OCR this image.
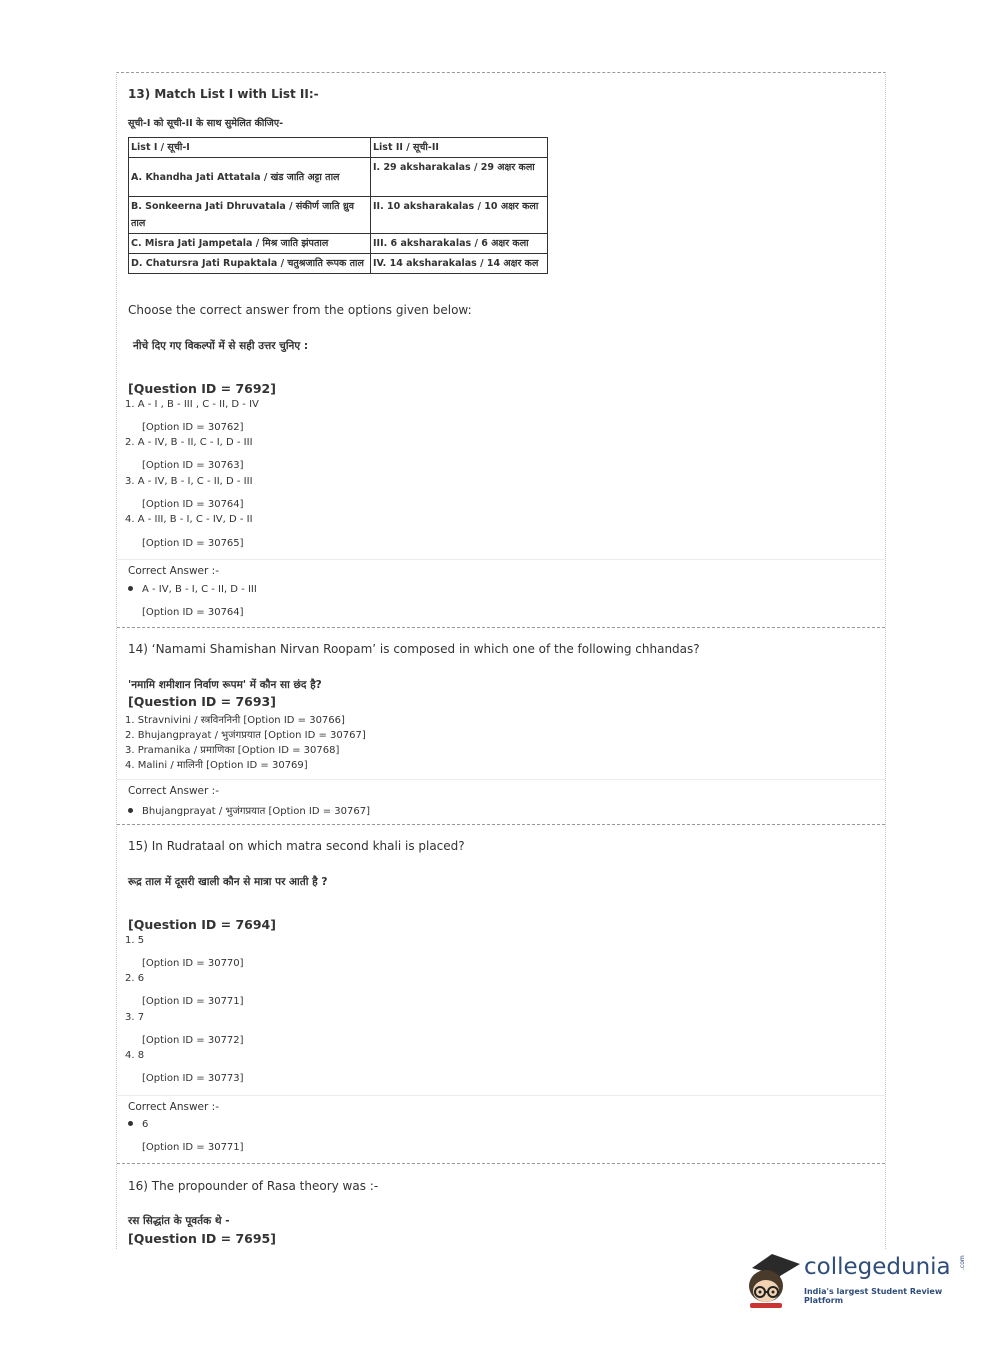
13) Match List I with List II:-
सूची-I को सूची-II के साथ सुमेलित कीजिए-
List I / सूची-I	List II / सूची-II
A. Khandha Jati Attatala / खंड जाति अट्टा ताल	I. 29 aksharakalas / 29 अक्षर कला
B. Sonkeerna Jati Dhruvatala / संकीर्ण जाति ध्रुव ताल	II. 10 aksharakalas / 10 अक्षर कला
C. Misra Jati Jampetala / मिश्र जाति झंपताल	III. 6 aksharakalas / 6 अक्षर कला
D. Chatursra Jati Rupaktala / चतुश्रजाति रूपक ताल	IV. 14 aksharakalas / 14 अक्षर कल
Choose the correct answer from the options given below:
नीचे दिए गए विकल्पों में से सही उत्तर चुनिए :
[Question ID = 7692]
1. A - I , B - III , C - II, D - IV
[Option ID = 30762]
2. A - IV, B - II, C - I, D - III
[Option ID = 30763]
3. A - IV, B - I, C - II, D - III
[Option ID = 30764]
4. A - III, B - I, C - IV, D - II
[Option ID = 30765]
Correct Answer :-
A - IV, B - I, C - II, D - III
[Option ID = 30764]
14) ‘Namami Shamishan Nirvan Roopam’ is composed in which one of the following chhandas?
'नमामि शमीशान निर्वाण रूपम' में कौन सा छंद है?
[Question ID = 7693]
1. Stravnivini / स्त्रविननिनी [Option ID = 30766]
2. Bhujangprayat / भुजंगप्रयात [Option ID = 30767]
3. Pramanika / प्रमाणिका [Option ID = 30768]
4. Malini / मालिनी [Option ID = 30769]
Correct Answer :-
Bhujangprayat / भुजंगप्रयात [Option ID = 30767]
15) In Rudrataal on which matra second khali is placed?
रूद्र ताल में दूसरी खाली कौन से मात्रा पर आती है ?
[Question ID = 7694]
1. 5
[Option ID = 30770]
2. 6
[Option ID = 30771]
3. 7
[Option ID = 30772]
4. 8
[Option ID = 30773]
Correct Answer :-
6
[Option ID = 30771]
16) The propounder of Rasa theory was :-
रस सिद्धांत के पूवर्तक थे -
[Question ID = 7695]
collegedunia .com
India's largest Student Review Platform
